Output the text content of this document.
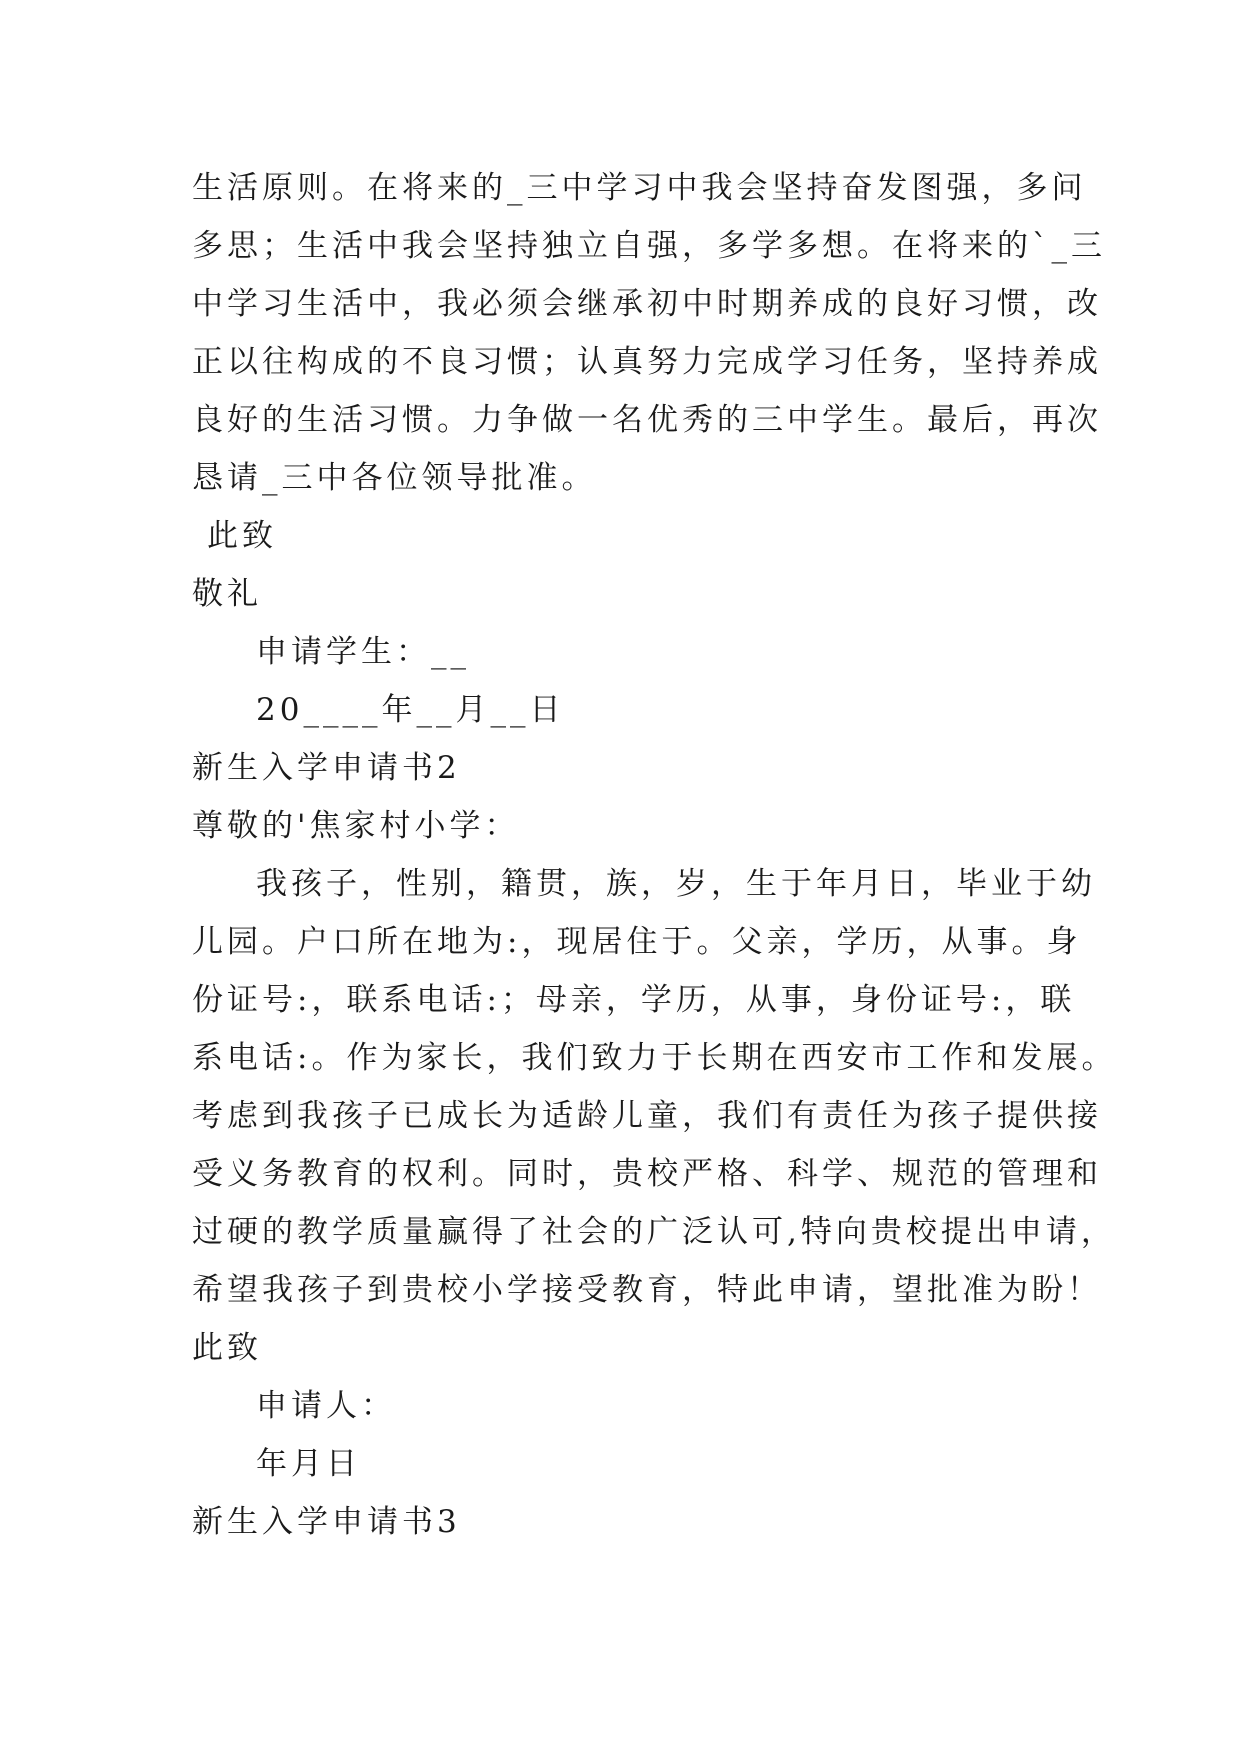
生活原则。在将来的_三中学习中我会坚持奋发图强，多问
多思；生活中我会坚持独立自强，多学多想。在将来的`_三
中学习生活中，我必须会继承初中时期养成的良好习惯，改
正以往构成的不良习惯；认真努力完成学习任务，坚持养成
良好的生活习惯。力争做一名优秀的三中学生。最后，再次
恳请_三中各位领导批准。
此致
敬礼
申请学生：__
20____年__月__日
新生入学申请书2
尊敬的'焦家村小学：
我孩子，性别，籍贯，族，岁，生于年月日，毕业于幼
儿园。户口所在地为:，现居住于。父亲，学历，从事。身
份证号:，联系电话:；母亲，学历，从事，身份证号:，联
系电话:。作为家长，我们致力于长期在西安市工作和发展。
考虑到我孩子已成长为适龄儿童，我们有责任为孩子提供接
受义务教育的权利。同时，贵校严格、科学、规范的管理和
过硬的教学质量赢得了社会的广泛认可,特向贵校提出申请，
希望我孩子到贵校小学接受教育，特此申请，望批准为盼！
此致
申请人：
年月日
新生入学申请书3
